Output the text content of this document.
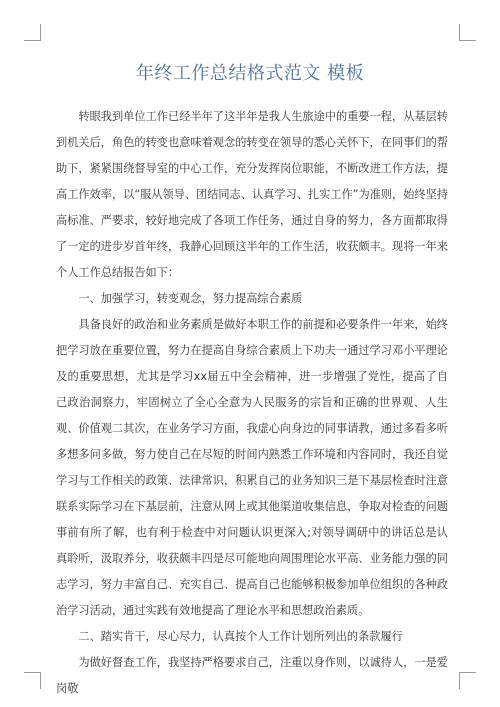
年终工作总结格式范文 模板

转眼我到单位工作已经半年了这半年是我人生旅途中的重要一程，从基层转到机关后，角色的转变也意味着观念的转变在领导的悉心关怀下，在同事们的帮助下，紧紧围绕督导室的中心工作，充分发挥岗位职能，不断改进工作方法，提高工作效率，以“服从领导、团结同志、认真学习、扎实工作”为准则，始终坚持高标准、严要求，较好地完成了各项工作任务，通过自身的努力，各方面都取得了一定的进步岁首年终，我静心回顾这半年的工作生活，收获颇丰。现将一年来个人工作总结报告如下：

一、加强学习，转变观念，努力提高综合素质

具备良好的政治和业务素质是做好本职工作的前提和必要条件一年来，始终把学习放在重要位置，努力在提高自身综合素质上下功夫一通过学习邓小平理论及的重要思想，尤其是学习xx届五中全会精神，进一步增强了党性，提高了自己政治洞察力，牢固树立了全心全意为人民服务的宗旨和正确的世界观、人生观、价值观二其次，在业务学习方面，我虚心向身边的同事请教，通过多看多听多想多问多做，努力使自己在尽短的时间内熟悉工作环境和内容同时，我还自觉学习与工作相关的政策、法律常识，积累自己的业务知识三是下基层检查时注意联系实际学习在下基层前，注意从网上或其他渠道收集信息，争取对检查的问题事前有所了解，也有利于检查中对问题认识更深入;对领导调研中的讲话总是认真聆听，汲取养分，收获颇丰四是尽可能地向周围理论水平高、业务能力强的同志学习，努力丰富自己、充实自己、提高自己也能够积极参加单位组织的各种政治学习活动，通过实践有效地提高了理论水平和思想政治素质。

二、踏实肯干，尽心尽力，认真按个人工作计划所列出的条款履行

为做好督查工作，我坚持严格要求自己，注重以身作则，以诚待人，一是爱岗敬
